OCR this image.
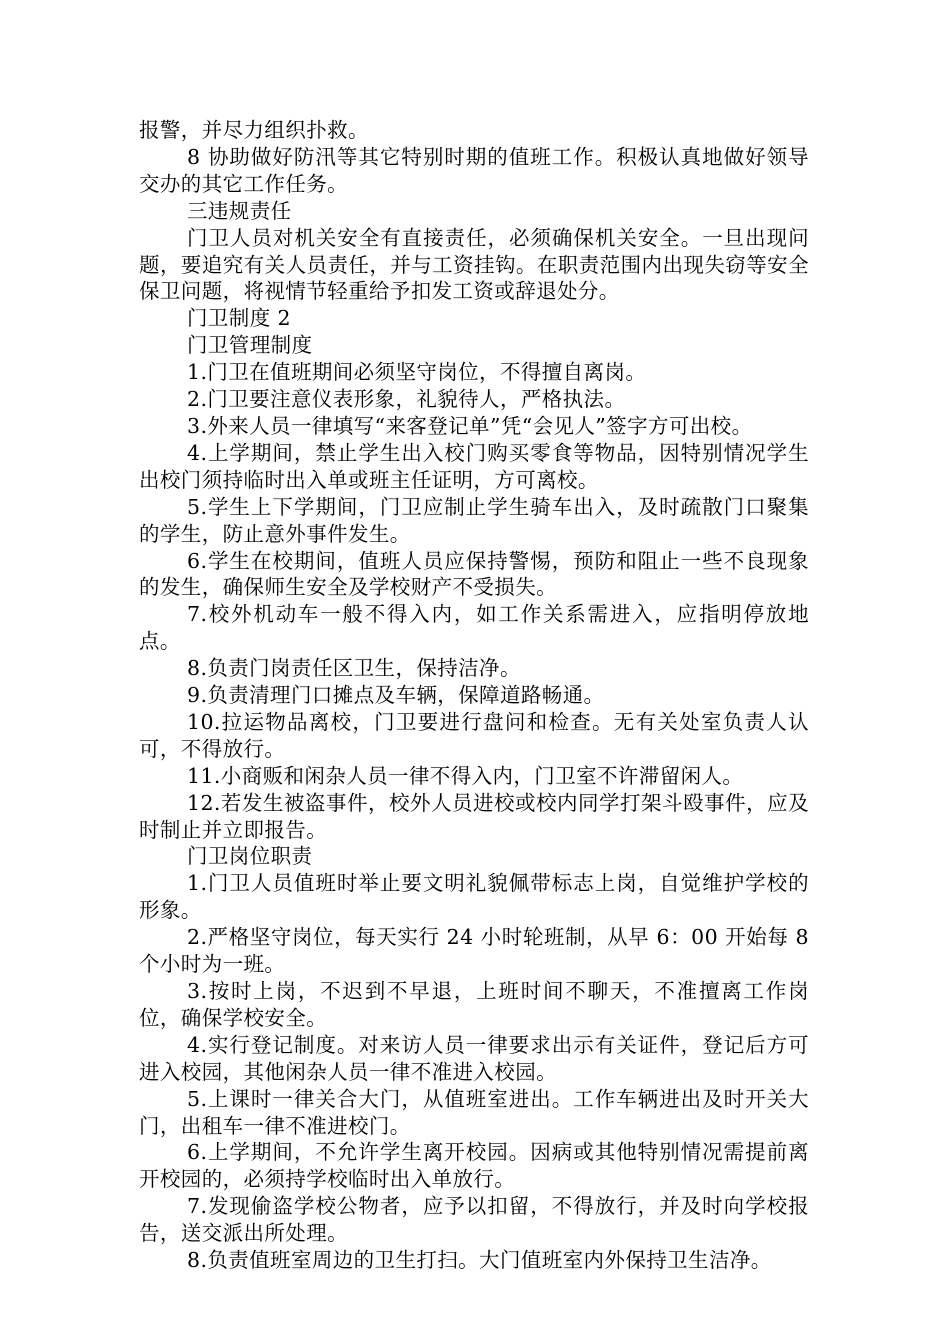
报警，并尽力组织扑救。

8 协助做好防汛等其它特别时期的值班工作。积极认真地做好领导交办的其它工作任务。

三违规责任

门卫人员对机关安全有直接责任，必须确保机关安全。一旦出现问题，要追究有关人员责任，并与工资挂钩。在职责范围内出现失窃等安全保卫问题，将视情节轻重给予扣发工资或辞退处分。

门卫制度 2

门卫管理制度

1.门卫在值班期间必须坚守岗位，不得擅自离岗。

2.门卫要注意仪表形象，礼貌待人，严格执法。

3.外来人员一律填写“来客登记单”凭“会见人”签字方可出校。

4.上学期间，禁止学生出入校门购买零食等物品，因特别情况学生出校门须持临时出入单或班主任证明，方可离校。

5.学生上下学期间，门卫应制止学生骑车出入，及时疏散门口聚集的学生，防止意外事件发生。

6.学生在校期间，值班人员应保持警惕，预防和阻止一些不良现象的发生，确保师生安全及学校财产不受损失。

7.校外机动车一般不得入内，如工作关系需进入，应指明停放地点。

8.负责门岗责任区卫生，保持洁净。

9.负责清理门口摊点及车辆，保障道路畅通。

10.拉运物品离校，门卫要进行盘问和检查。无有关处室负责人认可，不得放行。

11.小商贩和闲杂人员一律不得入内，门卫室不许滞留闲人。

12.若发生被盗事件，校外人员进校或校内同学打架斗殴事件，应及时制止并立即报告。

门卫岗位职责

1.门卫人员值班时举止要文明礼貌佩带标志上岗，自觉维护学校的形象。

2.严格坚守岗位，每天实行 24 小时轮班制，从早 6：00 开始每 8 个小时为一班。

3.按时上岗，不迟到不早退，上班时间不聊天，不准擅离工作岗位，确保学校安全。

4.实行登记制度。对来访人员一律要求出示有关证件，登记后方可进入校园，其他闲杂人员一律不准进入校园。

5.上课时一律关合大门，从值班室进出。工作车辆进出及时开关大门，出租车一律不准进校门。

6.上学期间，不允许学生离开校园。因病或其他特别情况需提前离开校园的，必须持学校临时出入单放行。

7.发现偷盗学校公物者，应予以扣留，不得放行，并及时向学校报告，送交派出所处理。

8.负责值班室周边的卫生打扫。大门值班室内外保持卫生洁净。
